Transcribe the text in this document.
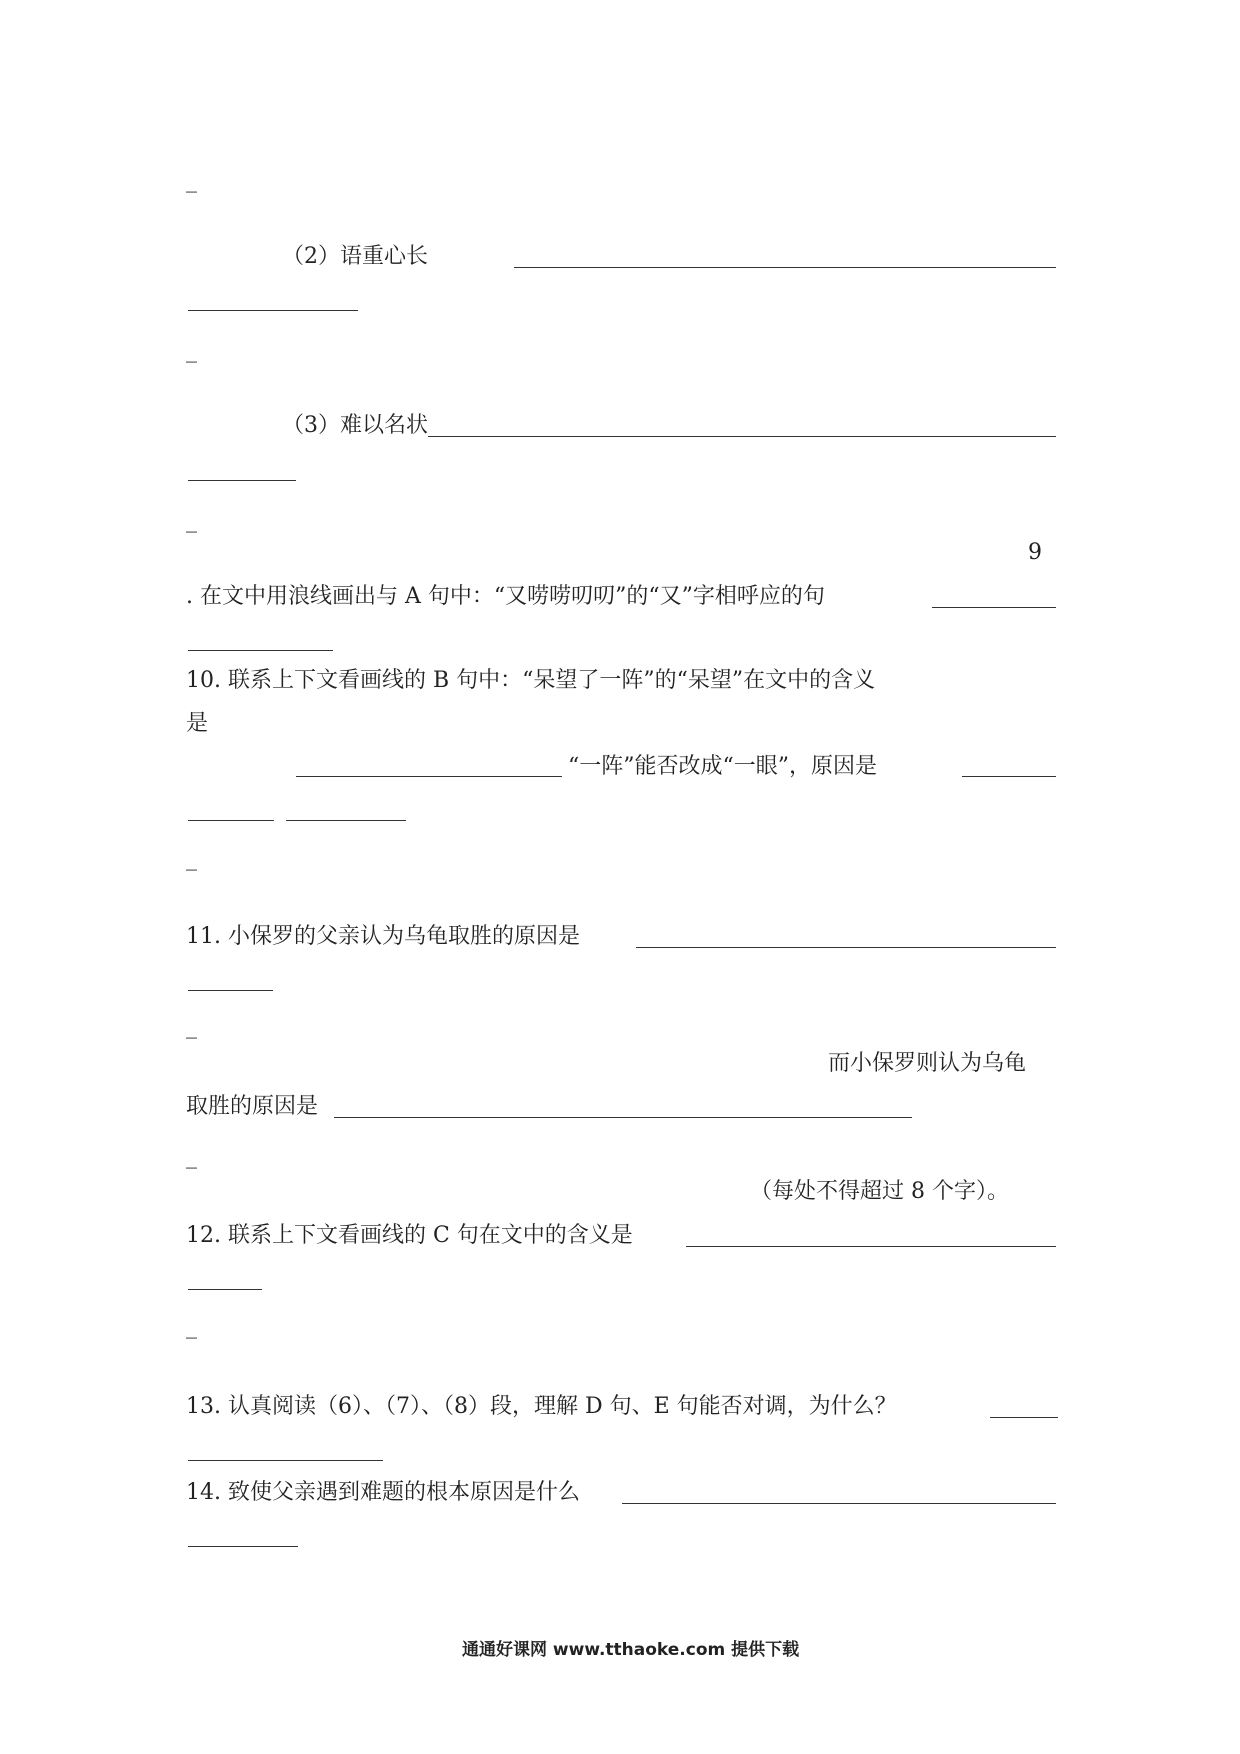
_
_
_
_
_
_
_
（2）语重心长
（3）难以名状
9
. 在文中用浪线画出与 A 句中：“又唠唠叨叨”的“又”字相呼应的句
10. 联系上下文看画线的 B 句中：“呆望了一阵”的“呆望”在文中的含义
是
“一阵”能否改成“一眼”，原因是
11. 小保罗的父亲认为乌龟取胜的原因是
而小保罗则认为乌龟
取胜的原因是
（每处不得超过 8 个字）。
12. 联系上下文看画线的 C 句在文中的含义是
13. 认真阅读（6）、（7）、（8）段，理解 D 句、E 句能否对调，为什么？
14. 致使父亲遇到难题的根本原因是什么
通通好课网 www.tthaoke.com 提供下载
